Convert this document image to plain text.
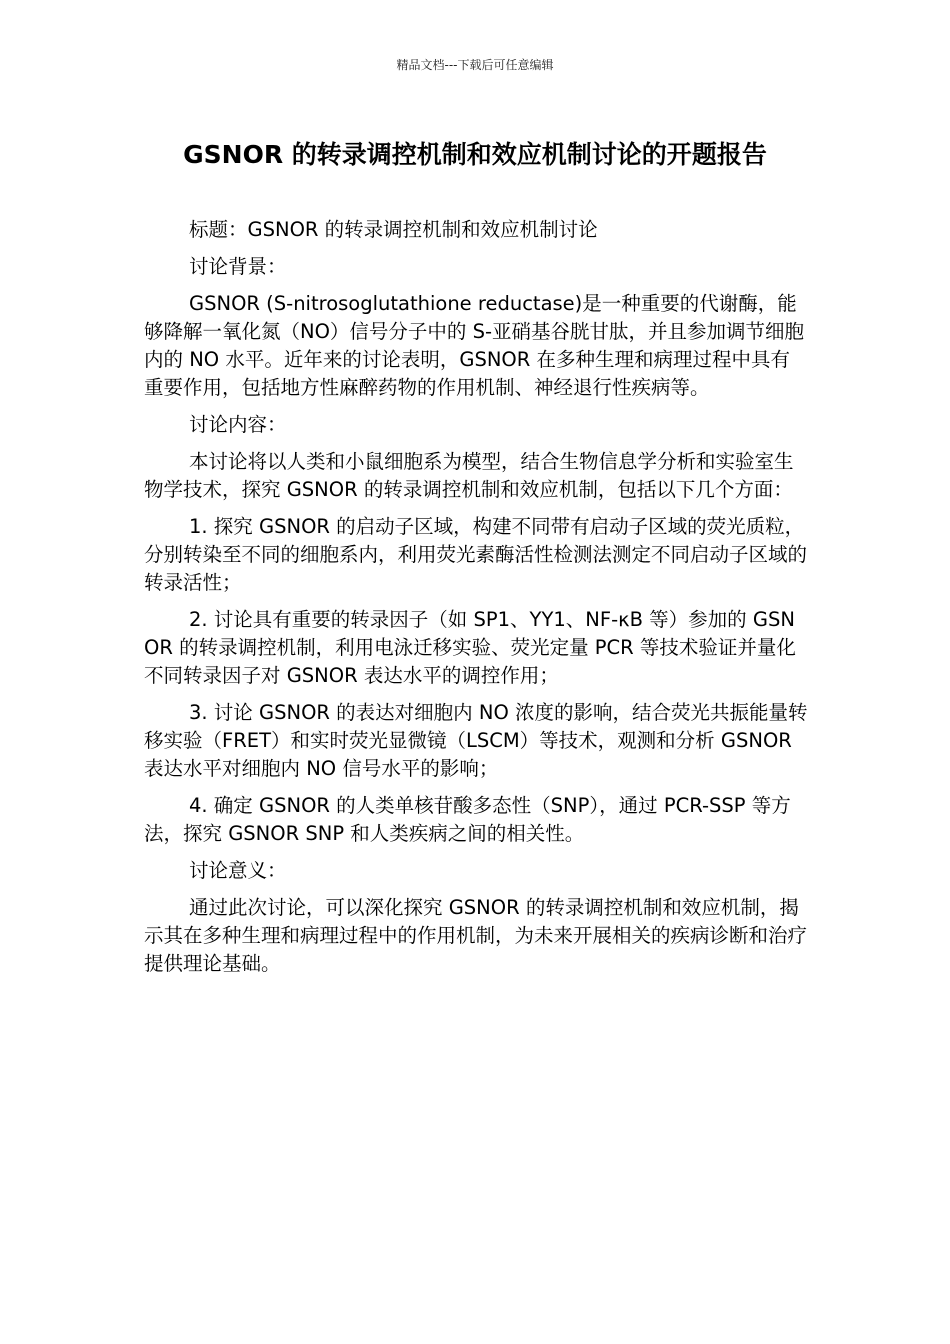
精品文档---下载后可任意编辑
GSNOR 的转录调控机制和效应机制讨论的开题报告

标题：GSNOR 的转录调控机制和效应机制讨论

讨论背景：

GSNOR (S-nitrosoglutathione reductase)是一种重要的代谢酶，能够降解一氧化氮（NO）信号分子中的 S-亚硝基谷胱甘肽，并且参加调节细胞内的 NO 水平。近年来的讨论表明，GSNOR 在多种生理和病理过程中具有重要作用，包括地方性麻醉药物的作用机制、神经退行性疾病等。

讨论内容：

本讨论将以人类和小鼠细胞系为模型，结合生物信息学分析和实验室生物学技术，探究 GSNOR 的转录调控机制和效应机制，包括以下几个方面：

1. 探究 GSNOR 的启动子区域，构建不同带有启动子区域的荧光质粒，分别转染至不同的细胞系内，利用荧光素酶活性检测法测定不同启动子区域的转录活性；

2. 讨论具有重要的转录因子（如 SP1、YY1、NF-κB 等）参加的 GSNOR 的转录调控机制，利用电泳迁移实验、荧光定量 PCR 等技术验证并量化不同转录因子对 GSNOR 表达水平的调控作用；

3. 讨论 GSNOR 的表达对细胞内 NO 浓度的影响，结合荧光共振能量转移实验（FRET）和实时荧光显微镜（LSCM）等技术，观测和分析 GSNOR 表达水平对细胞内 NO 信号水平的影响；

4. 确定 GSNOR 的人类单核苷酸多态性（SNP），通过 PCR-SSP 等方法，探究 GSNOR SNP 和人类疾病之间的相关性。

讨论意义：

通过此次讨论，可以深化探究 GSNOR 的转录调控机制和效应机制，揭示其在多种生理和病理过程中的作用机制，为未来开展相关的疾病诊断和治疗提供理论基础。
